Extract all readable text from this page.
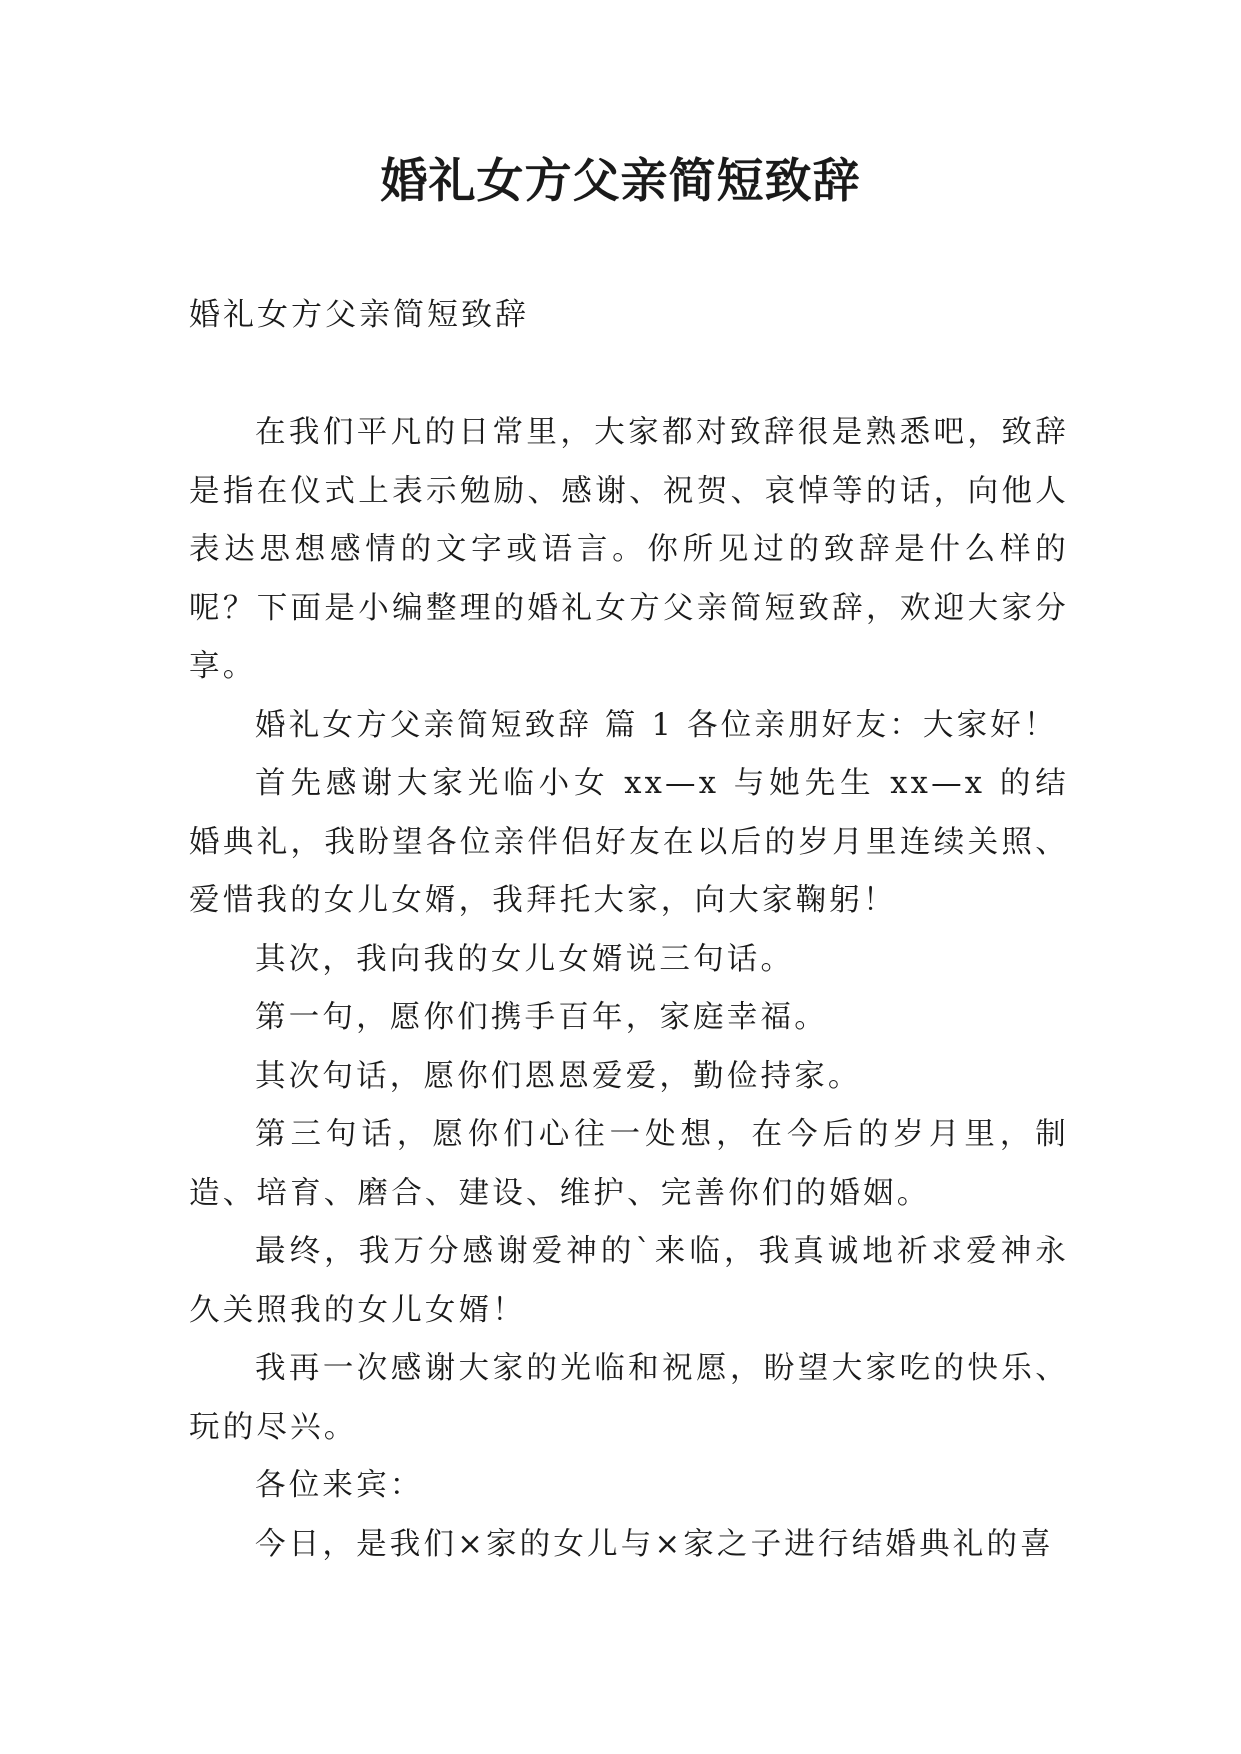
婚礼女方父亲简短致辞

婚礼女方父亲简短致辞

在我们平凡的日常里，大家都对致辞很是熟悉吧，致辞是指在仪式上表示勉励、感谢、祝贺、哀悼等的话，向他人表达思想感情的文字或语言。你所见过的致辞是什么样的呢？下面是小编整理的婚礼女方父亲简短致辞，欢迎大家分享。

婚礼女方父亲简短致辞 篇 1 各位亲朋好友：大家好！

首先感谢大家光临小女 xx—x 与她先生 xx—x 的结婚典礼，我盼望各位亲伴侣好友在以后的岁月里连续关照、爱惜我的女儿女婿，我拜托大家，向大家鞠躬！

其次，我向我的女儿女婿说三句话。

第一句，愿你们携手百年，家庭幸福。

其次句话，愿你们恩恩爱爱，勤俭持家。

第三句话，愿你们心往一处想，在今后的岁月里，制造、培育、磨合、建设、维护、完善你们的婚姻。

最终，我万分感谢爱神的`来临，我真诚地祈求爱神永久关照我的女儿女婿！

我再一次感谢大家的光临和祝愿，盼望大家吃的快乐、玩的尽兴。

各位来宾：

今日，是我们×家的女儿与×家之子进行结婚典礼的喜
